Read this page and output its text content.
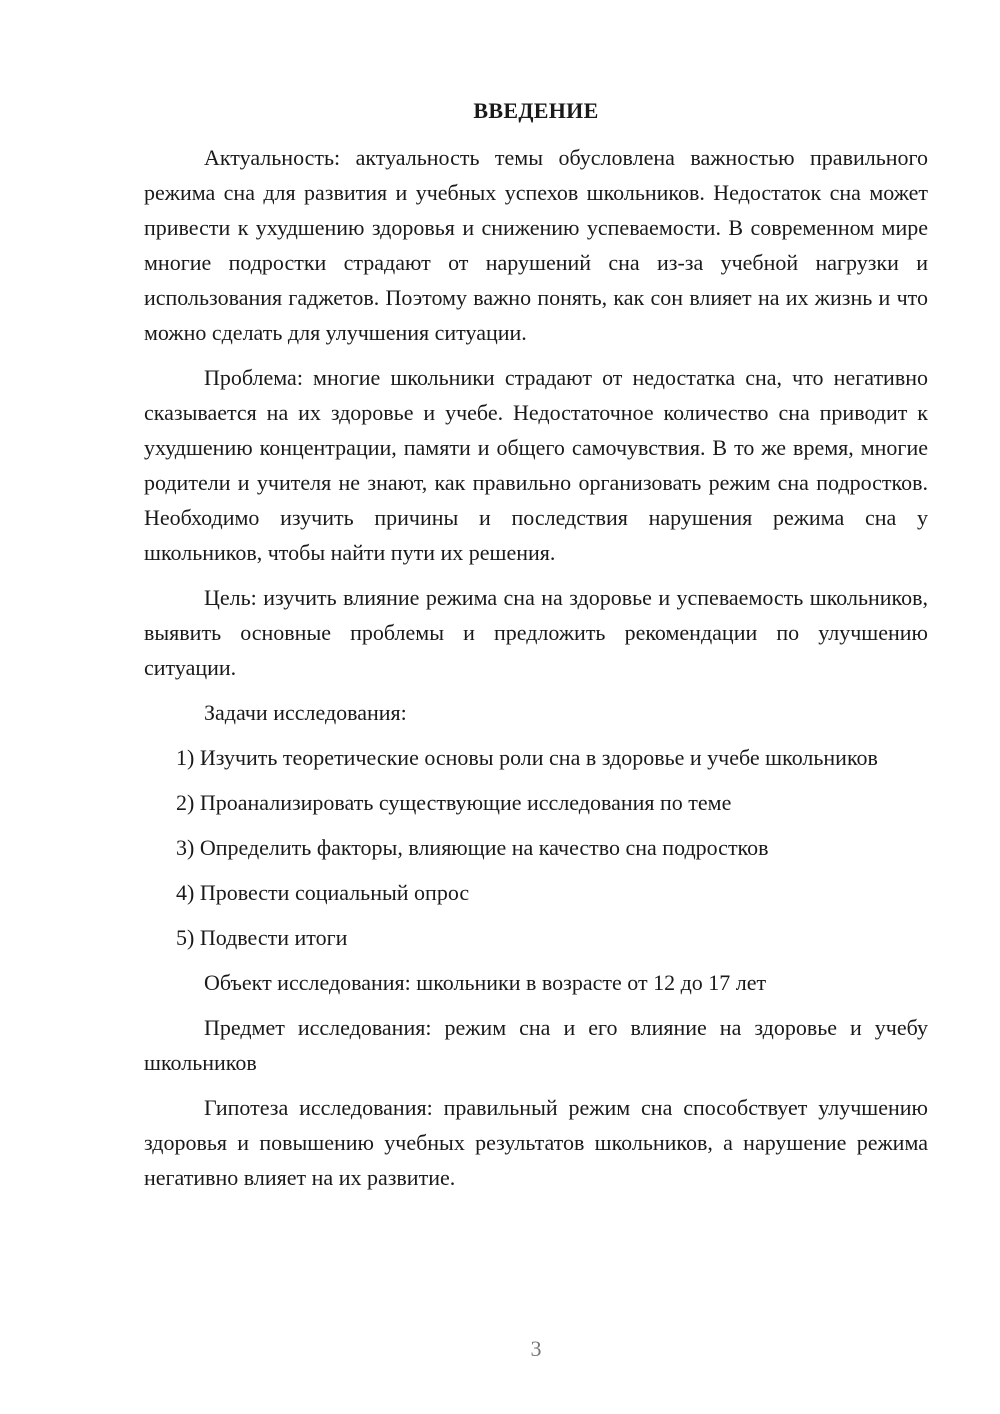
ВВЕДЕНИЕ

Актуальность: актуальность темы обусловлена важностью правильного режима сна для развития и учебных успехов школьников. Недостаток сна может привести к ухудшению здоровья и снижению успеваемости. В современном мире многие подростки страдают от нарушений сна из-за учебной нагрузки и использования гаджетов. Поэтому важно понять, как сон влияет на их жизнь и что можно сделать для улучшения ситуации.

Проблема: многие школьники страдают от недостатка сна, что негативно сказывается на их здоровье и учебе. Недостаточное количество сна приводит к ухудшению концентрации, памяти и общего самочувствия. В то же время, многие родители и учителя не знают, как правильно организовать режим сна подростков. Необходимо изучить причины и последствия нарушения режима сна у школьников, чтобы найти пути их решения.

Цель: изучить влияние режима сна на здоровье и успеваемость школьников, выявить основные проблемы и предложить рекомендации по улучшению ситуации.

Задачи исследования:

1) Изучить теоретические основы роли сна в здоровье и учебе школьников

2) Проанализировать существующие исследования по теме

3) Определить факторы, влияющие на качество сна подростков

4) Провести социальный опрос

5) Подвести итоги

Объект исследования: школьники в возрасте от 12 до 17 лет

Предмет исследования: режим сна и его влияние на здоровье и учебу школьников

Гипотеза исследования: правильный режим сна способствует улучшению здоровья и повышению учебных результатов школьников, а нарушение режима негативно влияет на их развитие.

3
